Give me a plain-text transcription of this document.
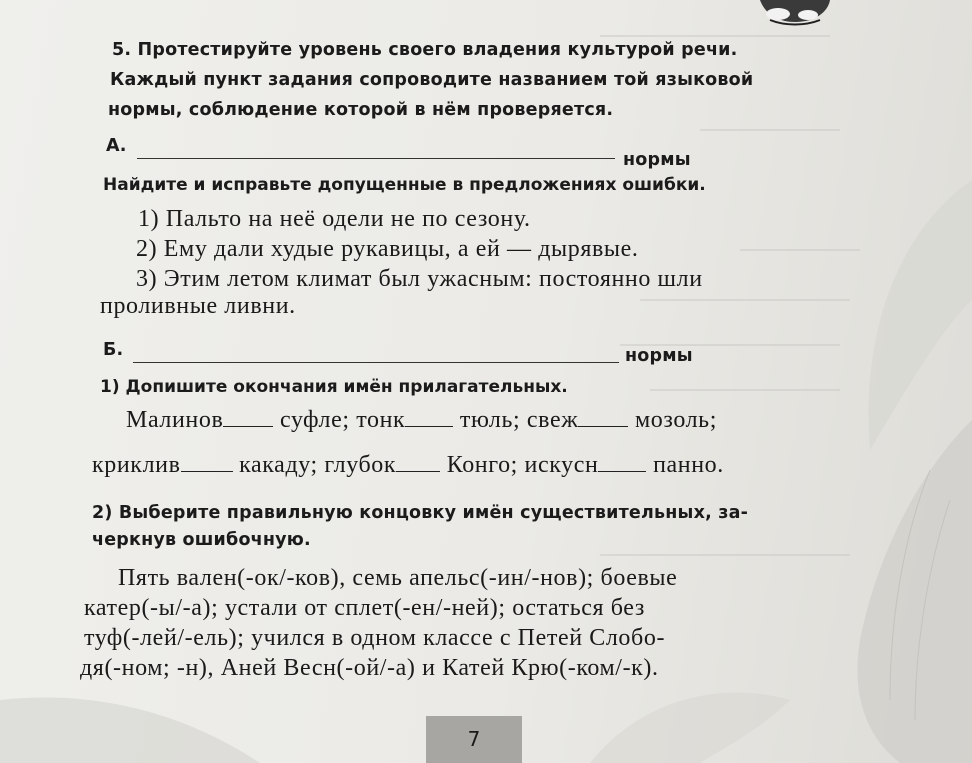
5. Протестируйте уровень своего владения культурой речи.
Каждый пункт задания сопроводите названием той языковой
нормы, соблюдение которой в нём проверяется.
А.
нормы
Найдите и исправьте допущенные в предложениях ошибки.
1) Пальто на неё одели не по сезону.
2) Ему дали худые рукавицы, а ей — дырявые.
3) Этим летом климат был ужасным: постоянно шли
проливные ливни.
Б.	нормы
1) Допишите окончания имён прилагательных.
Малинов суфле; тонк тюль; свеж мозоль;
криклив какаду; глубок Конго; искусн панно.
2) Выберите правильную концовку имён существительных, за-
черкнув ошибочную.
Пять вален(-ок/-ков), семь апельс(-ин/-нов); боевые
катер(-ы/-а); устали от сплет(-ен/-ней); остаться без
туф(-лей/-ель); учился в одном классе с Петей Слобо-
дя(-ном; -н), Аней Весн(-ой/-а) и Катей Крю(-ком/-к).
7
